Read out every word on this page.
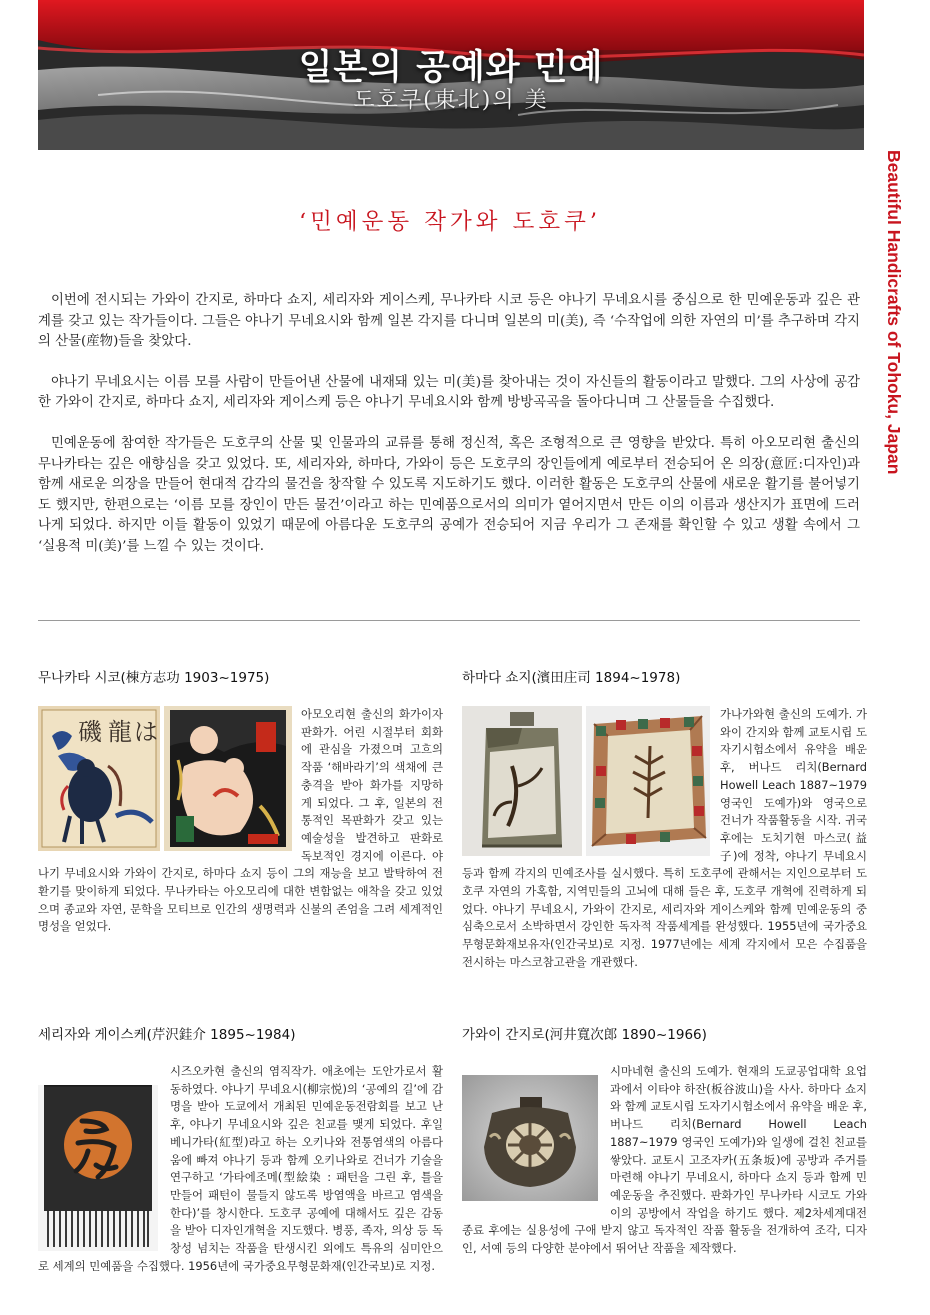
일본의 공예와 민예
도호쿠(東北)의 美
Beautiful Handicrafts of Tohoku, Japan
‘민예운동 작가와 도호쿠’

이번에 전시되는 가와이 간지로, 하마다 쇼지, 세리자와 게이스케, 무나카타 시코 등은 야나기 무네요시를 중심으로 한 민예운동과 깊은 관계를 갖고 있는 작가들이다. 그들은 야나기 무네요시와 함께 일본 각지를 다니며 일본의 미(美), 즉 ‘수작업에 의한 자연의 미’를 추구하며 각지의 산물(産物)들을 찾았다.

야나기 무네요시는 이름 모를 사람이 만들어낸 산물에 내재돼 있는 미(美)를 찾아내는 것이 자신들의 활동이라고 말했다. 그의 사상에 공감한 가와이 간지로, 하마다 쇼지, 세리자와 게이스케 등은 야나기 무네요시와 함께 방방곡곡을 돌아다니며 그 산물들을 수집했다.

민예운동에 참여한 작가들은 도호쿠의 산물 및 인물과의 교류를 통해 정신적, 혹은 조형적으로 큰 영향을 받았다. 특히 아오모리현 출신의 무나카타는 깊은 애향심을 갖고 있었다. 또, 세리자와, 하마다, 가와이 등은 도호쿠의 장인들에게 예로부터 전승되어 온 의장(意匠:디자인)과 함께 새로운 의장을 만들어 현대적 감각의 물건을 창작할 수 있도록 지도하기도 했다. 이러한 활동은 도호쿠의 산물에 새로운 활기를 불어넣기도 했지만, 한편으로는 ‘이름 모를 장인이 만든 물건’이라고 하는 민예품으로서의 의미가 옅어지면서 만든 이의 이름과 생산지가 표면에 드러나게 되었다. 하지만 이들 활동이 있었기 때문에 아름다운 도호쿠의 공예가 전승되어 지금 우리가 그 존재를 확인할 수 있고 생활 속에서 그 ‘실용적 미(美)’를 느낄 수 있는 것이다.

무나카타 시코(棟方志功 1903~1975)
磯 龍 は

아모오리현 출신의 화가이자 판화가. 어린 시절부터 회화에 관심을 가졌으며 고흐의 작품 ‘해바라기’의 색채에 큰 충격을 받아 화가를 지망하게 되었다. 그 후, 일본의 전통적인 목판화가 갖고 있는 예술성을 발견하고 판화로 독보적인 경지에 이른다. 야나기 무네요시와 가와이 간지로, 하마다 쇼지 등이 그의 재능을 보고 발탁하여 전환기를 맞이하게 되었다. 무나카타는 아오모리에 대한 변함없는 애착을 갖고 있었으며 종교와 자연, 문학을 모티브로 인간의 생명력과 신불의 존엄을 그려 세계적인 명성을 얻었다.
하마다 쇼지(濱田庄司 1894~1978)

가나가와현 출신의 도예가. 가와이 간지와 함께 교토시립 도자기시험소에서 유약을 배운 후, 버나드 리치(Bernard Howell Leach 1887~1979 영국인 도예가)와 영국으로 건너가 작품활동을 시작. 귀국 후에는 도치기현 마스코(益子)에 정착, 야나기 무네요시 등과 함께 각지의 민예조사를 실시했다. 특히 도호쿠에 관해서는 지인으로부터 도호쿠 자연의 가혹함, 지역민들의 고뇌에 대해 들은 후, 도호쿠 개혁에 진력하게 되었다. 야나기 무네요시, 가와이 간지로, 세리자와 게이스케와 함께 민예운동의 중심축으로서 소박하면서 강인한 독자적 작품세계를 완성했다. 1955년에 국가중요무형문화재보유자(인간국보)로 지정. 1977년에는 세계 각지에서 모은 수집품을 전시하는 마스코참고관을 개관했다.
세리자와 게이스케(芹沢銈介 1895~1984)
시즈오카현 출신의 염직작가. 애초에는 도안가로서 활동하였다. 야나기 무네요시(柳宗悦)의 ‘공예의 길’에 감명을 받아 도쿄에서 개최된 민예운동전람회를 보고 난 후, 야나기 무네요시와 깊은 친교를 맺게 되었다. 후일 베니가타(紅型)라고 하는 오키나와 전통염색의 아름다움에 빠져 야나기 등과 함께 오키나와로 건너가 기술을 연구하고 ‘가타에조메(型絵染 : 패턴을 그린 후, 틀을 만들어 패턴이 물들지 않도록 방염액을 바르고 염색을 한다)’를 창시한다. 도호쿠 공예에 대해서도 깊은 감동을 받아 디자인개혁을 지도했다. 병풍, 족자, 의상 등 독창성 넘치는 작품을 탄생시킨 외에도 특유의 심미안으로 세계의 민예품을 수집했다. 1956년에 국가중요무형문화재(인간국보)로 지정.
가와이 간지로(河井寬次郎 1890~1966)
시마네현 출신의 도예가. 현재의 도쿄공업대학 요업과에서 이타야 하잔(板谷波山)을 사사. 하마다 쇼지와 함께 교토시립 도자기시험소에서 유약을 배운 후, 버나드 리치(Bernard Howell Leach 1887~1979 영국인 도예가)와 일생에 걸친 친교를 쌓았다. 교토시 고조자카(五条坂)에 공방과 주거를 마련해 야나기 무네요시, 하마다 쇼지 등과 함께 민예운동을 추진했다. 판화가인 무나카타 시코도 가와이의 공방에서 작업을 하기도 했다. 제2차세계대전 종료 후에는 실용성에 구애 받지 않고 독자적인 작품 활동을 전개하여 조각, 디자인, 서예 등의 다양한 분야에서 뛰어난 작품을 제작했다.
